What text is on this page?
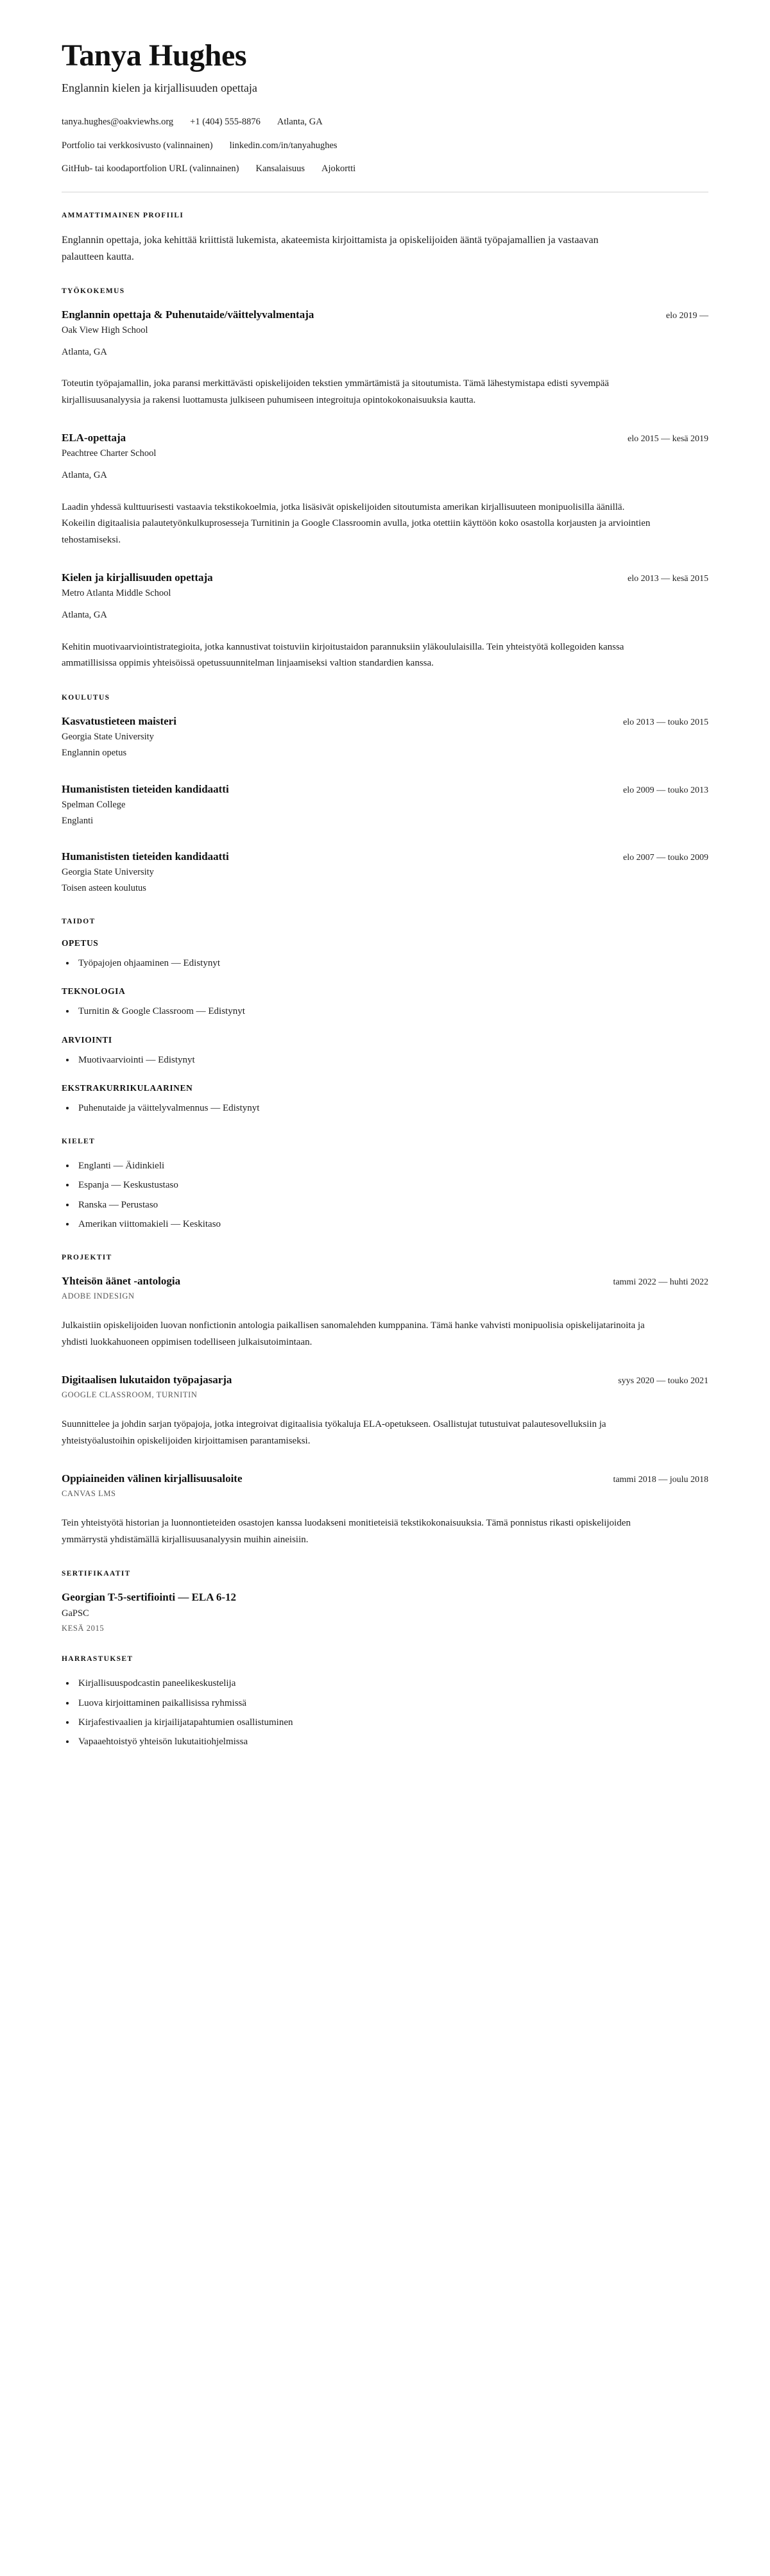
Tanya Hughes

Englannin kielen ja kirjallisuuden opettaja

tanya.hughes@oakviewhs.org +1 (404) 555-8876 Atlanta, GA
Portfolio tai verkkosivusto (valinnainen) linkedin.com/in/tanyahughes
GitHub- tai koodaportfolion URL (valinnainen) Kansalaisuus Ajokortti
AMMATTIMAINEN PROFIILI

Englannin opettaja, joka kehittää kriittistä lukemista, akateemista kirjoittamista ja opiskelijoiden ääntä työpajamallien ja vastaavan palautteen kautta.

TYÖKOKEMUS
Englannin opettaja & Puhenutaide/väittelyvalmentaja	elo 2019 —

Oak View High School

Atlanta, GA

Toteutin työpajamallin, joka paransi merkittävästi opiskelijoiden tekstien ymmärtämistä ja sitoutumista. Tämä lähestymistapa edisti syvempää kirjallisuusanalyysia ja rakensi luottamusta julkiseen puhumiseen integroituja opintokokonaisuuksia kautta.

ELA-opettaja	elo 2015 — kesä 2019

Peachtree Charter School

Atlanta, GA

Laadin yhdessä kulttuurisesti vastaavia tekstikokoelmia, jotka lisäsivät opiskelijoiden sitoutumista amerikan kirjallisuuteen monipuolisilla äänillä. Kokeilin digitaalisia palautetyönkulkuprosesseja Turnitinin ja Google Classroomin avulla, jotka otettiin käyttöön koko osastolla korjausten ja arviointien tehostamiseksi.

Kielen ja kirjallisuuden opettaja	elo 2013 — kesä 2015

Metro Atlanta Middle School

Atlanta, GA

Kehitin muotivaarviointistrategioita, jotka kannustivat toistuviin kirjoitustaidon parannuksiin yläkoululaisilla. Tein yhteistyötä kollegoiden kanssa ammatillisissa oppimis yhteisöissä opetussuunnitelman linjaamiseksi valtion standardien kanssa.

KOULUTUS
Kasvatustieteen maisteri	elo 2013 — touko 2015

Georgia State University

Englannin opetus

Humanististen tieteiden kandidaatti	elo 2009 — touko 2013

Spelman College

Englanti

Humanististen tieteiden kandidaatti	elo 2007 — touko 2009

Georgia State University

Toisen asteen koulutus

TAIDOT
OPETUS
Työpajojen ohjaaminen — Edistynyt
TEKNOLOGIA
Turnitin & Google Classroom — Edistynyt
ARVIOINTI
Muotivaarviointi — Edistynyt
EKSTRAKURRIKULAARINEN
Puhenutaide ja väittelyvalmennus — Edistynyt
KIELET
Englanti — Äidinkieli
Espanja — Keskustustaso
Ranska — Perustaso
Amerikan viittomakieli — Keskitaso
PROJEKTIT
Yhteisön äänet -antologia	tammi 2022 — huhti 2022

ADOBE INDESIGN

Julkaistiin opiskelijoiden luovan nonfictionin antologia paikallisen sanomalehden kumppanina. Tämä hanke vahvisti monipuolisia opiskelijatarinoita ja yhdisti luokkahuoneen oppimisen todelliseen julkaisutoimintaan.

Digitaalisen lukutaidon työpajasarja	syys 2020 — touko 2021

GOOGLE CLASSROOM, TURNITIN

Suunnittelee ja johdin sarjan työpajoja, jotka integroivat digitaalisia työkaluja ELA-opetukseen. Osallistujat tutustuivat palautesovelluksiin ja yhteistyöalustoihin opiskelijoiden kirjoittamisen parantamiseksi.

Oppiaineiden välinen kirjallisuusaloite	tammi 2018 — joulu 2018

CANVAS LMS

Tein yhteistyötä historian ja luonnontieteiden osastojen kanssa luodakseni monitieteisiä tekstikokonaisuuksia. Tämä ponnistus rikasti opiskelijoiden ymmärrystä yhdistämällä kirjallisuusanalyysin muihin aineisiin.

SERTIFIKAATIT
Georgian T-5-sertifiointi — ELA 6-12

GaPSC

KESÄ 2015

HARRASTUKSET
Kirjallisuuspodcastin paneelikeskustelija
Luova kirjoittaminen paikallisissa ryhmissä
Kirjafestivaalien ja kirjailijatapahtumien osallistuminen
Vapaaehtoistyö yhteisön lukutaitiohjelmissa
